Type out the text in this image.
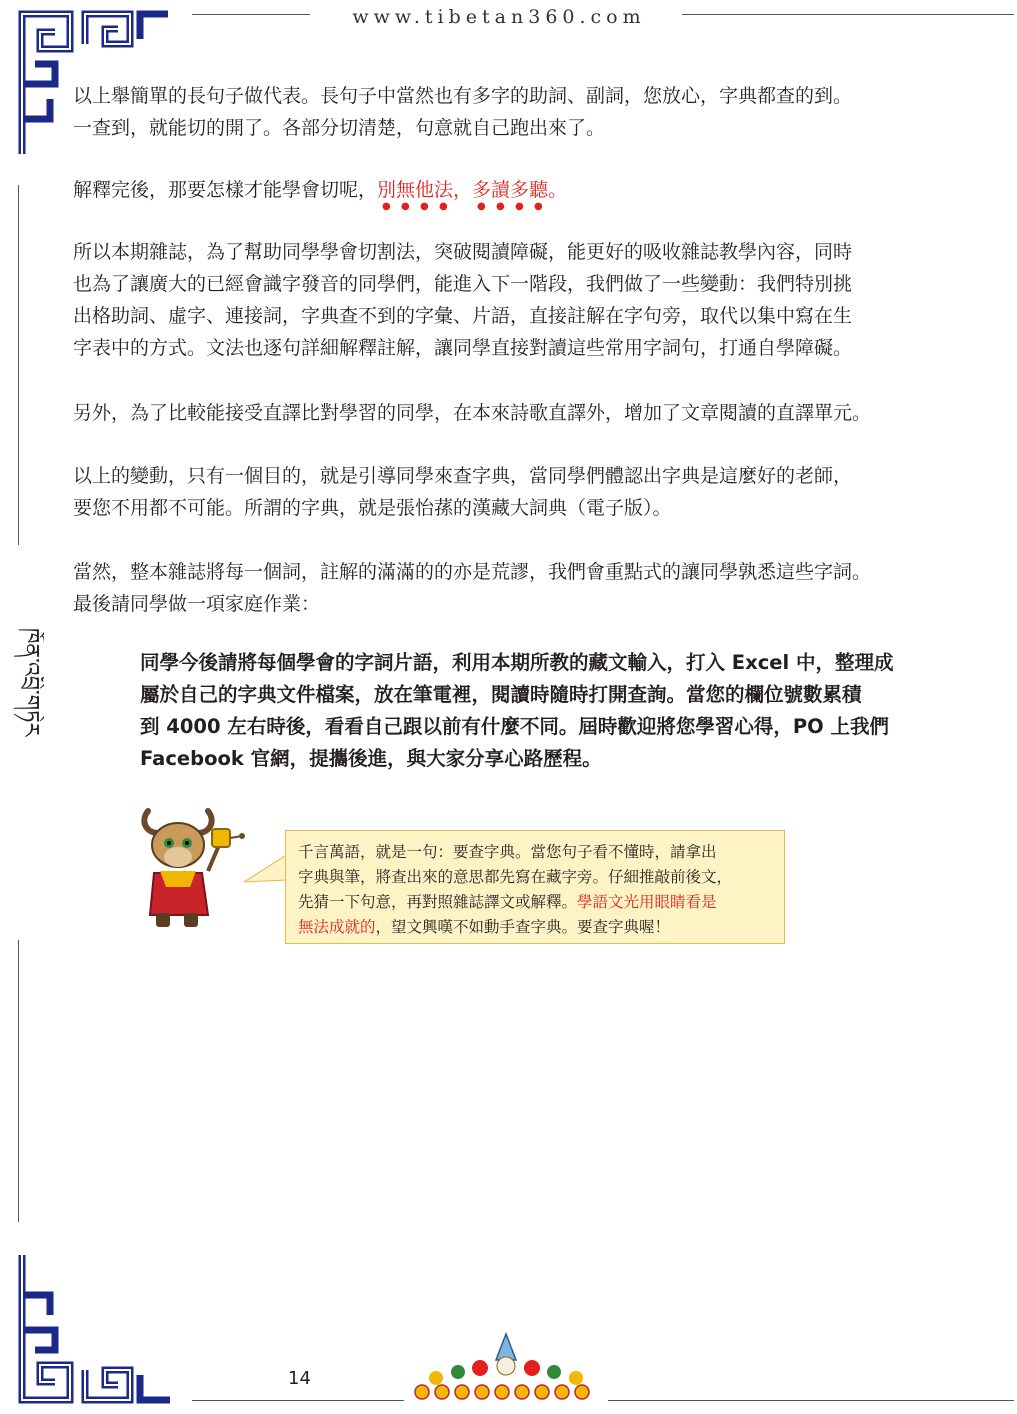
www.tibetan360.com
ཁོན་འབྲི་གཏེར

以上舉簡單的長句子做代表。長句子中當然也有多字的助詞、副詞，您放心，字典都查的到。

一查到，就能切的開了。各部分切清楚，句意就自己跑出來了。

解釋完後，那要怎樣才能學會切呢，別無他法，多讀多聽。

所以本期雜誌，為了幫助同學學會切割法，突破閱讀障礙，能更好的吸收雜誌教學內容，同時

也為了讓廣大的已經會識字發音的同學們，能進入下一階段，我們做了一些變動：我們特別挑

出格助詞、虛字、連接詞，字典查不到的字彙、片語，直接註解在字句旁，取代以集中寫在生

字表中的方式。文法也逐句詳細解釋註解，讓同學直接對讀這些常用字詞句，打通自學障礙。

另外，為了比較能接受直譯比對學習的同學，在本來詩歌直譯外，增加了文章閱讀的直譯單元。

以上的變動，只有一個目的，就是引導同學來查字典，當同學們體認出字典是這麼好的老師，

要您不用都不可能。所謂的字典，就是張怡蓀的漢藏大詞典（電子版）。

當然，整本雜誌將每一個詞，註解的滿滿的的亦是荒謬，我們會重點式的讓同學孰悉這些字詞。

最後請同學做一項家庭作業：

同學今後請將每個學會的字詞片語，利用本期所教的藏文輸入，打入 Excel 中，整理成

屬於自己的字典文件檔案，放在筆電裡，閱讀時隨時打開查詢。當您的欄位號數累積

到 4000 左右時後，看看自己跟以前有什麼不同。屆時歡迎將您學習心得，PO 上我們

Facebook 官網，提攜後進，與大家分享心路歷程。

千言萬語，就是一句：要查字典。當您句子看不懂時，請拿出
字典與筆，將查出來的意思都先寫在藏字旁。仔細推敲前後文，
先猜一下句意，再對照雜誌譯文或解釋。學語文光用眼睛看是
無法成就的，望文興嘆不如動手查字典。要查字典喔！
14
